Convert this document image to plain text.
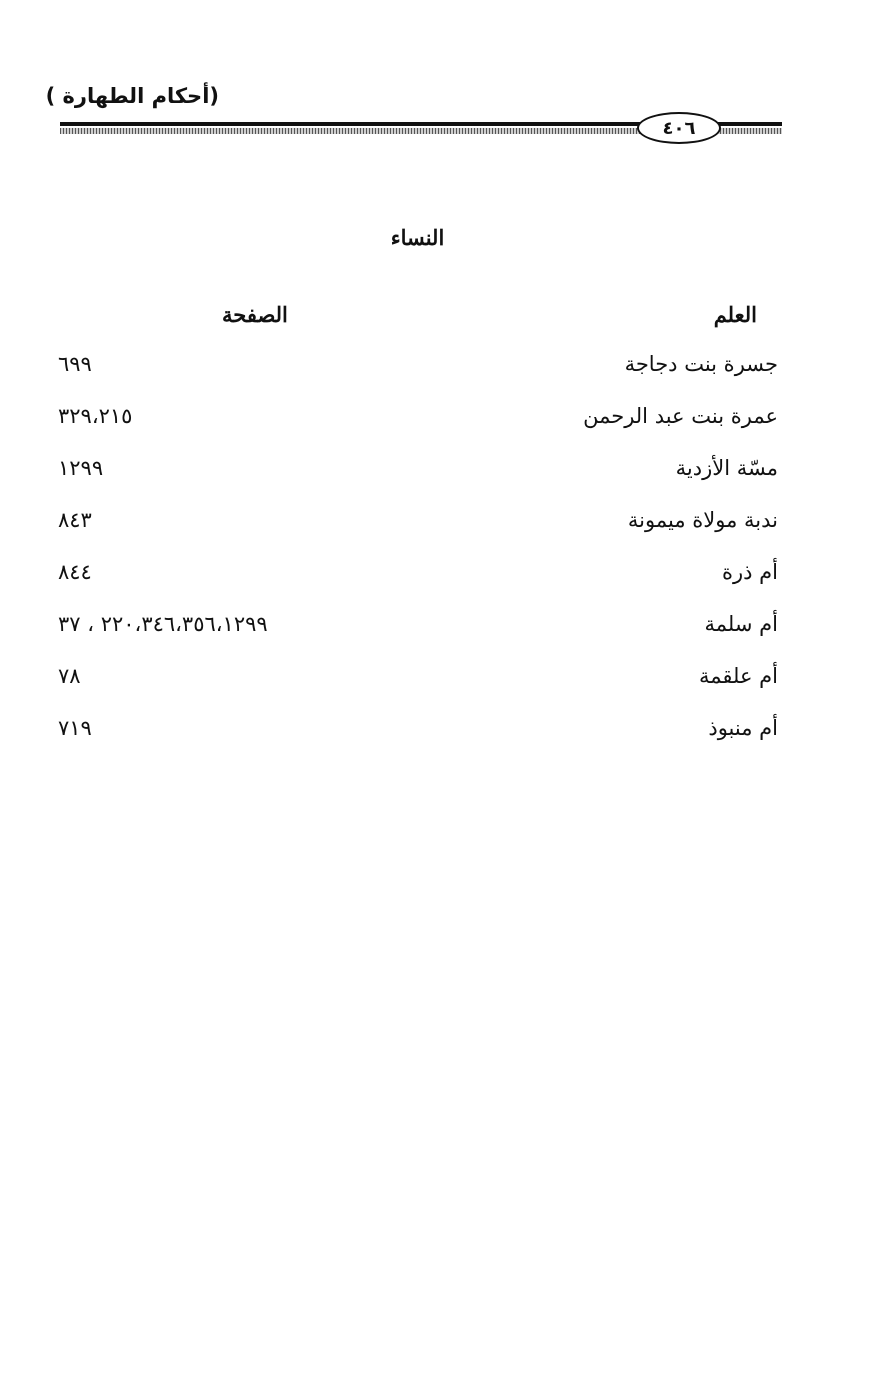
(أحكام الطهارة )
٤٠٦
النساء
العلم
الصفحة
جسرة بنت دجاجة
٦٩٩
عمرة بنت عبد الرحمن
٣٢٩،٢١٥
مسّة الأزدية
١٢٩٩
ندبة مولاة ميمونة
٨٤٣
أم ذرة
٨٤٤
أم سلمة
٢٢٠،٣٤٦،٣٥٦،١٢٩٩ ، ٣٧
أم علقمة
٧٨
أم منبوذ
٧١٩
